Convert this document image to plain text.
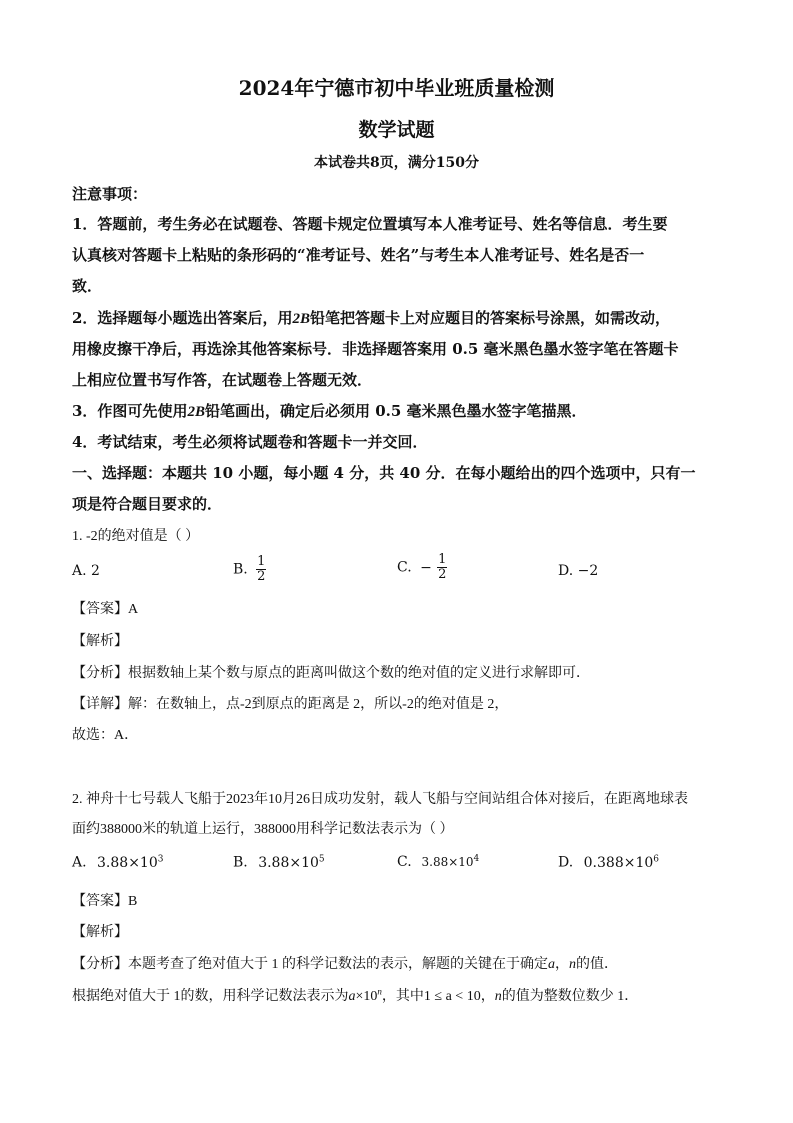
2024年宁德市初中毕业班质量检测
数学试题
本试卷共8页，满分150分
注意事项：
1．答题前，考生务必在试题卷、答题卡规定位置填写本人准考证号、姓名等信息．考生要
认真核对答题卡上粘贴的条形码的“准考证号、姓名”与考生本人准考证号、姓名是否一
致．
2．选择题每小题选出答案后，用2B铅笔把答题卡上对应题目的答案标号涂黑，如需改动，
用橡皮擦干净后，再选涂其他答案标号．非选择题答案用 0.5 毫米黑色墨水签字笔在答题卡
上相应位置书写作答，在试题卷上答题无效．
3．作图可先使用2B铅笔画出，确定后必须用 0.5 毫米黑色墨水签字笔描黑．
4．考试结束，考生必须将试题卷和答题卡一并交回．
一、选择题：本题共 10 小题，每小题 4 分，共 40 分．在每小题给出的四个选项中，只有一
项是符合题目要求的．
1. -2的绝对值是（ ）
A. 2	B. $\frac{1}{2}$	C. − $\frac{1}{2}$	D. −2
【答案】A
【解析】
【分析】根据数轴上某个数与原点的距离叫做这个数的绝对值的定义进行求解即可．
【详解】解：在数轴上，点-2到原点的距离是 2，所以-2的绝对值是 2，
故选：A．
2. 神舟十七号载人飞船于2023年10月26日成功发射，载人飞船与空间站组合体对接后，在距离地球表
面约388000米的轨道上运行，388000用科学记数法表示为（ ）
A. $3.88\times 10^3$	B. $3.88\times 10^5$	C. $3.88\times 10^4$	D. $0.388\times 10^6$
【答案】B
【解析】
【分析】本题考查了绝对值大于 1 的科学记数法的表示，解题的关键在于确定a，n的值．
根据绝对值大于 1的数，用科学记数法表示为$a\times 10^n$，其中1 ≤ a < 10，n的值为整数位数少 1．
